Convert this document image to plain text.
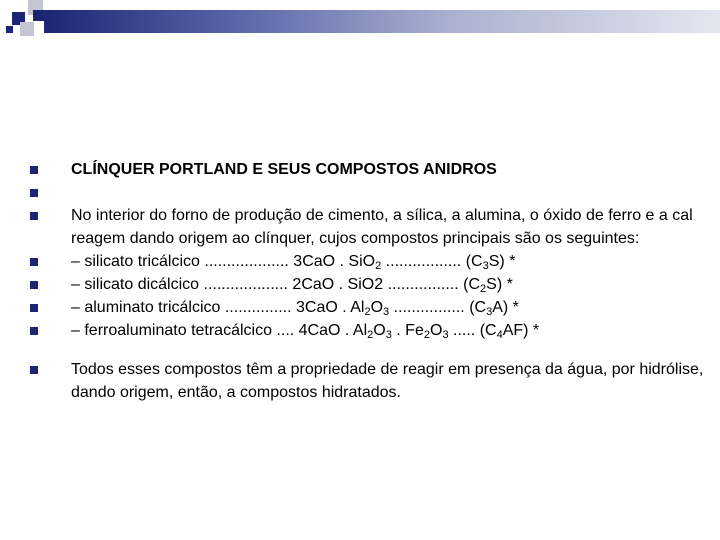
CLÍNQUER PORTLAND E SEUS COMPOSTOS ANIDROS
No interior do forno de produção de cimento, a sílica, a alumina, o óxido de ferro e a cal reagem dando origem ao clínquer, cujos compostos principais são os seguintes:
– silicato tricálcico ................... 3CaO . SiO$_2$ ................. $(C_3S)$ *
– silicato dicálcico ................... 2CaO . SiO2 ................ $(C_2S)$ *
– aluminato tricálcico ............... 3CaO . $Al_2O_3$ ................ $(C_3A)$ *
– ferroaluminato tetracálcico .... 4CaO . $Al_2O_3$ . $Fe_2O_3$ ..... $(C_4AF)$ *
Todos esses compostos têm a propriedade de reagir em presença da água, por hidrólise, dando origem, então, a compostos hidratados.
